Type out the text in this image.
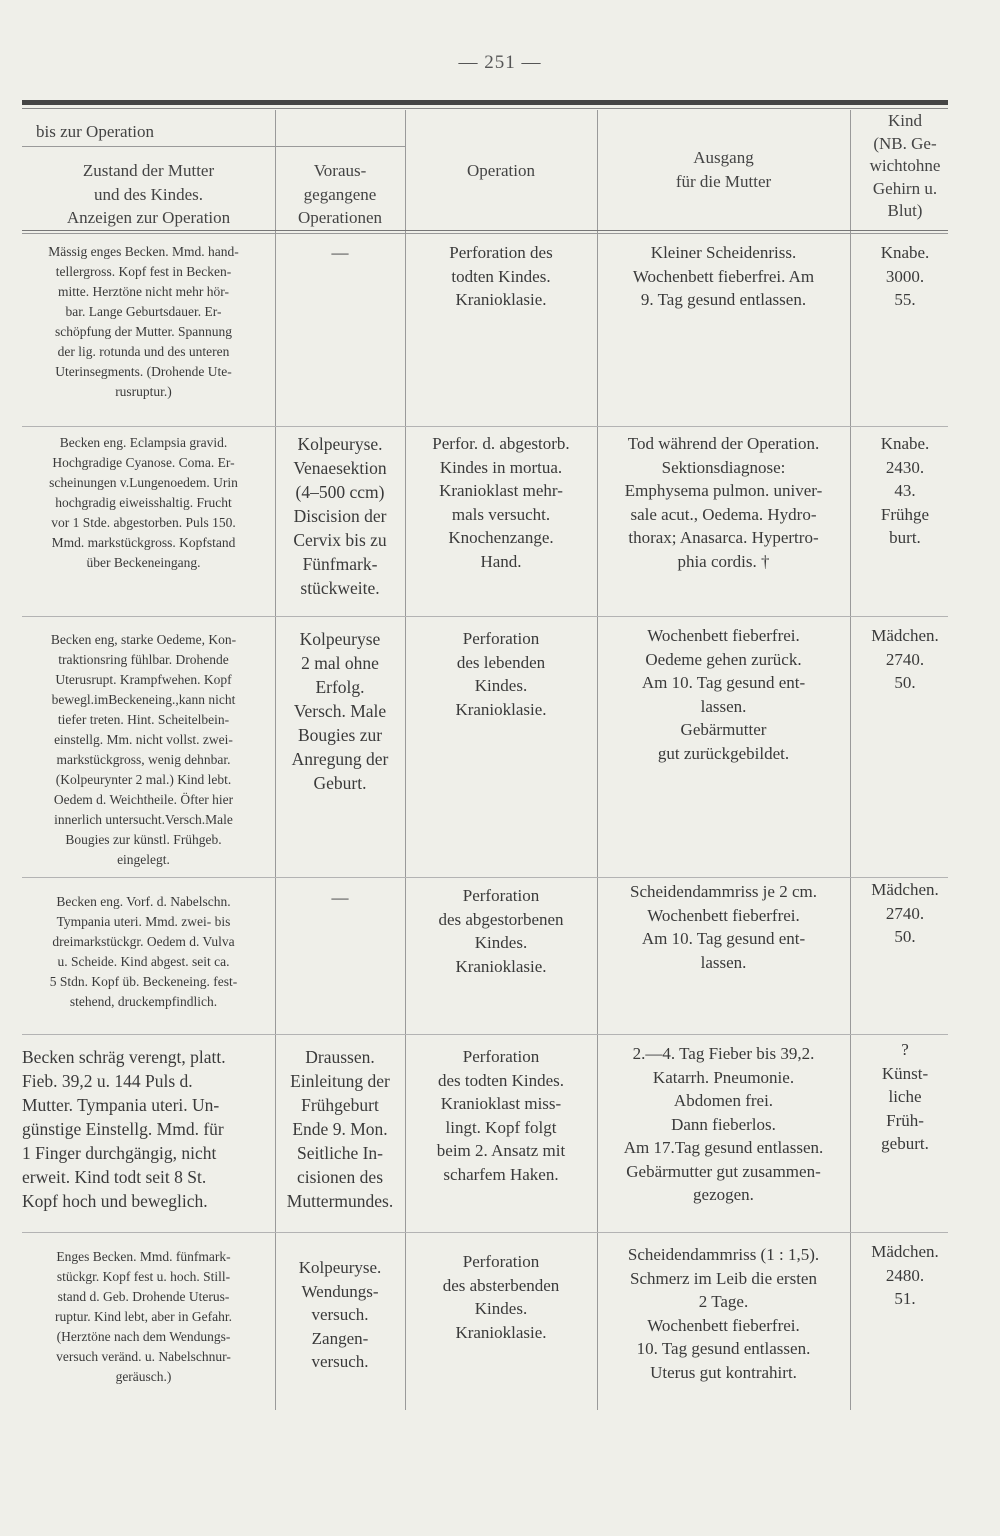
— 251 —
bis zur Operation
Zustand der Mutter
und des Kindes.
Anzeigen zur Operation
Voraus-
gegangene
Operationen
Operation
Ausgang
für die Mutter
Kind
(NB. Ge-
wichtohne
Gehirn u.
Blut)
Mässig enges Becken. Mmd. hand-
tellergross. Kopf fest in Becken-
mitte. Herztöne nicht mehr hör-
bar. Lange Geburtsdauer. Er-
schöpfung der Mutter. Spannung
der lig. rotunda und des unteren
Uterinsegments. (Drohende Ute-
rusruptur.)
—	Perforation des
todten Kindes.
Kranioklasie.
Kleiner Scheidenriss.
Wochenbett fieberfrei. Am
9. Tag gesund entlassen.
Knabe.
3000.
55.
Becken eng. Eclampsia gravid.
Hochgradige Cyanose. Coma. Er-
scheinungen v.Lungenoedem. Urin
hochgradig eiweisshaltig. Frucht
vor 1 Stde. abgestorben. Puls 150.
Mmd. markstückgross. Kopfstand
über Beckeneingang.
Kolpeuryse.
Venaesektion
(4–500 ccm)
Discision der
Cervix bis zu
Fünfmark-
stückweite.
Perfor. d. abgestorb.
Kindes in mortua.
Kranioklast mehr-
mals versucht.
Knochenzange.
Hand.
Tod während der Operation.
Sektionsdiagnose:
Emphysema pulmon. univer-
sale acut., Oedema. Hydro-
thorax; Anasarca. Hypertro-
phia cordis. †
Knabe.
2430.
43.
Frühge
burt.
Becken eng, starke Oedeme, Kon-
traktionsring fühlbar. Drohende
Uterusrupt. Krampfwehen. Kopf
bewegl.imBeckeneing.,kann nicht
tiefer treten. Hint. Scheitelbein-
einstellg. Mm. nicht vollst. zwei-
markstückgross, wenig dehnbar.
(Kolpeurynter 2 mal.) Kind lebt.
Oedem d. Weichtheile. Öfter hier
innerlich untersucht.Versch.Male
Bougies zur künstl. Frühgeb.
eingelegt.
Kolpeuryse
2 mal ohne
Erfolg.
Versch. Male
Bougies zur
Anregung der
Geburt.
Perforation
des lebenden
Kindes.
Kranioklasie.
Wochenbett fieberfrei.
Oedeme gehen zurück.
Am 10. Tag gesund ent-
lassen.
Gebärmutter
gut zurückgebildet.
Mädchen.
2740.
50.
Becken eng. Vorf. d. Nabelschn.
Tympania uteri. Mmd. zwei- bis
dreimarkstückgr. Oedem d. Vulva
u. Scheide. Kind abgest. seit ca.
5 Stdn. Kopf üb. Beckeneing. fest-
stehend, druckempfindlich.
—	Perforation
des abgestorbenen
Kindes.
Kranioklasie.
Scheidendammriss je 2 cm.
Wochenbett fieberfrei.
Am 10. Tag gesund ent-
lassen.
Mädchen.
2740.
50.
Becken schräg verengt, platt.
Fieb. 39,2 u. 144 Puls d.
Mutter. Tympania uteri. Un-
günstige Einstellg. Mmd. für
1 Finger durchgängig, nicht
erweit. Kind todt seit 8 St.
Kopf hoch und beweglich.
Draussen.
Einleitung der
Frühgeburt
Ende 9. Mon.
Seitliche In-
cisionen des
Muttermundes.
Perforation
des todten Kindes.
Kranioklast miss-
lingt. Kopf folgt
beim 2. Ansatz mit
scharfem Haken.
2.—4. Tag Fieber bis 39,2.
Katarrh. Pneumonie.
Abdomen frei.
Dann fieberlos.
Am 17.Tag gesund entlassen.
Gebärmutter gut zusammen-
gezogen.
?
Künst-
liche
Früh-
geburt.
Enges Becken. Mmd. fünfmark-
stückgr. Kopf fest u. hoch. Still-
stand d. Geb. Drohende Uterus-
ruptur. Kind lebt, aber in Gefahr.
(Herztöne nach dem Wendungs-
versuch veränd. u. Nabelschnur-
geräusch.)
Kolpeuryse.
Wendungs-
versuch.
Zangen-
versuch.
Perforation
des absterbenden
Kindes.
Kranioklasie.
Scheidendammriss (1 : 1,5).
Schmerz im Leib die ersten
2 Tage.
Wochenbett fieberfrei.
10. Tag gesund entlassen.
Uterus gut kontrahirt.
Mädchen.
2480.
51.
